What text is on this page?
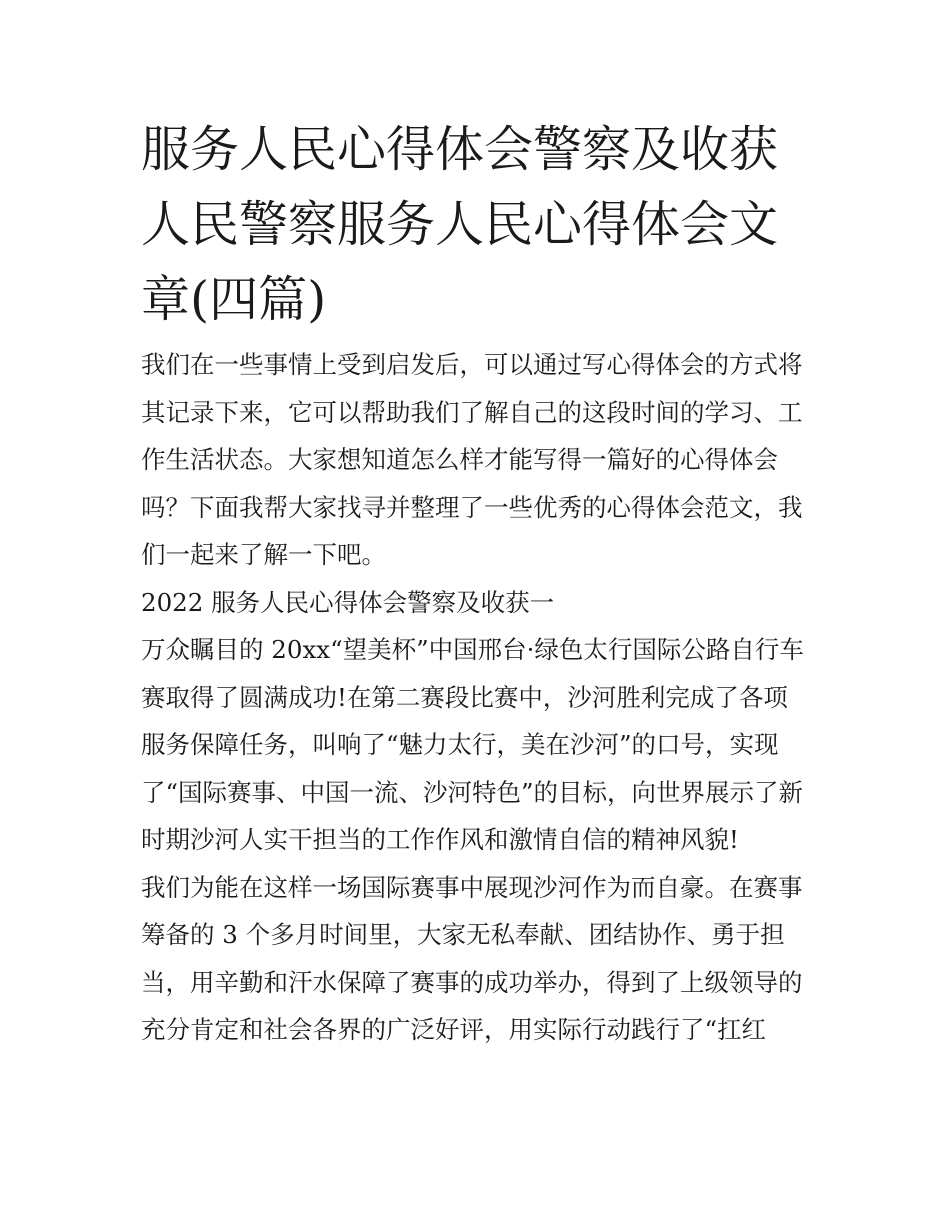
服务人民心得体会警察及收获
人民警察服务人民心得体会文
章(四篇)

我们在一些事情上受到启发后，可以通过写心得体会的方式将
其记录下来，它可以帮助我们了解自己的这段时间的学习、工
作生活状态。大家想知道怎么样才能写得一篇好的心得体会
吗？下面我帮大家找寻并整理了一些优秀的心得体会范文，我
们一起来了解一下吧。

2022 服务人民心得体会警察及收获一

万众瞩目的 20xx“望美杯”中国邢台·绿色太行国际公路自行车
赛取得了圆满成功!在第二赛段比赛中，沙河胜利完成了各项
服务保障任务，叫响了“魅力太行，美在沙河”的口号，实现
了“国际赛事、中国一流、沙河特色”的目标，向世界展示了新
时期沙河人实干担当的工作作风和激情自信的精神风貌!

我们为能在这样一场国际赛事中展现沙河作为而自豪。在赛事
筹备的 3 个多月时间里，大家无私奉献、团结协作、勇于担
当，用辛勤和汗水保障了赛事的成功举办，得到了上级领导的
充分肯定和社会各界的广泛好评，用实际行动践行了“扛红
